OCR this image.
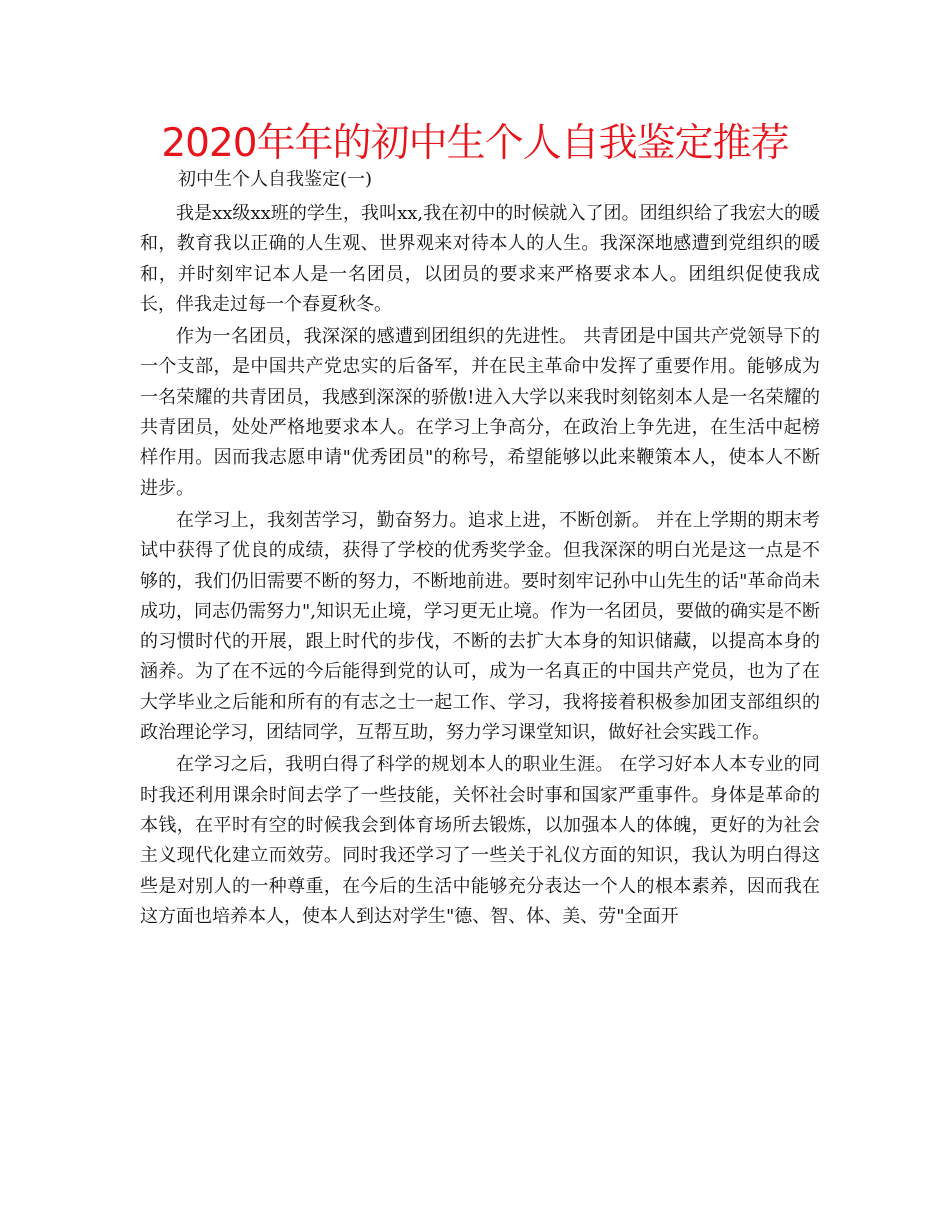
2020年年的初中生个人自我鉴定推荐

初中生个人自我鉴定(一)

我是xx级xx班的学生，我叫xx,我在初中的时候就入了团。团组织给了我宏大的暖和，教育我以正确的人生观、世界观来对待本人的人生。我深深地感遭到党组织的暖和，并时刻牢记本人是一名团员，以团员的要求来严格要求本人。团组织促使我成长，伴我走过每一个春夏秋冬。

作为一名团员，我深深的感遭到团组织的先进性。 共青团是中国共产党领导下的一个支部，是中国共产党忠实的后备军，并在民主革命中发挥了重要作用。能够成为一名荣耀的共青团员，我感到深深的骄傲!进入大学以来我时刻铭刻本人是一名荣耀的共青团员，处处严格地要求本人。在学习上争高分，在政治上争先进，在生活中起榜样作用。因而我志愿申请"优秀团员"的称号，希望能够以此来鞭策本人，使本人不断进步。

在学习上，我刻苦学习，勤奋努力。追求上进，不断创新。 并在上学期的期末考试中获得了优良的成绩，获得了学校的优秀奖学金。但我深深的明白光是这一点是不够的，我们仍旧需要不断的努力，不断地前进。要时刻牢记孙中山先生的话"革命尚未成功，同志仍需努力",知识无止境，学习更无止境。作为一名团员，要做的确实是不断的习惯时代的开展，跟上时代的步伐，不断的去扩大本身的知识储藏，以提高本身的涵养。为了在不远的今后能得到党的认可，成为一名真正的中国共产党员，也为了在大学毕业之后能和所有的有志之士一起工作、学习，我将接着积极参加团支部组织的政治理论学习，团结同学，互帮互助，努力学习课堂知识，做好社会实践工作。

在学习之后，我明白得了科学的规划本人的职业生涯。 在学习好本人本专业的同时我还利用课余时间去学了一些技能，关怀社会时事和国家严重事件。身体是革命的本钱，在平时有空的时候我会到体育场所去锻炼，以加强本人的体魄，更好的为社会主义现代化建立而效劳。同时我还学习了一些关于礼仪方面的知识，我认为明白得这些是对别人的一种尊重，在今后的生活中能够充分表达一个人的根本素养，因而我在这方面也培养本人，使本人到达对学生"德、智、体、美、劳"全面开
